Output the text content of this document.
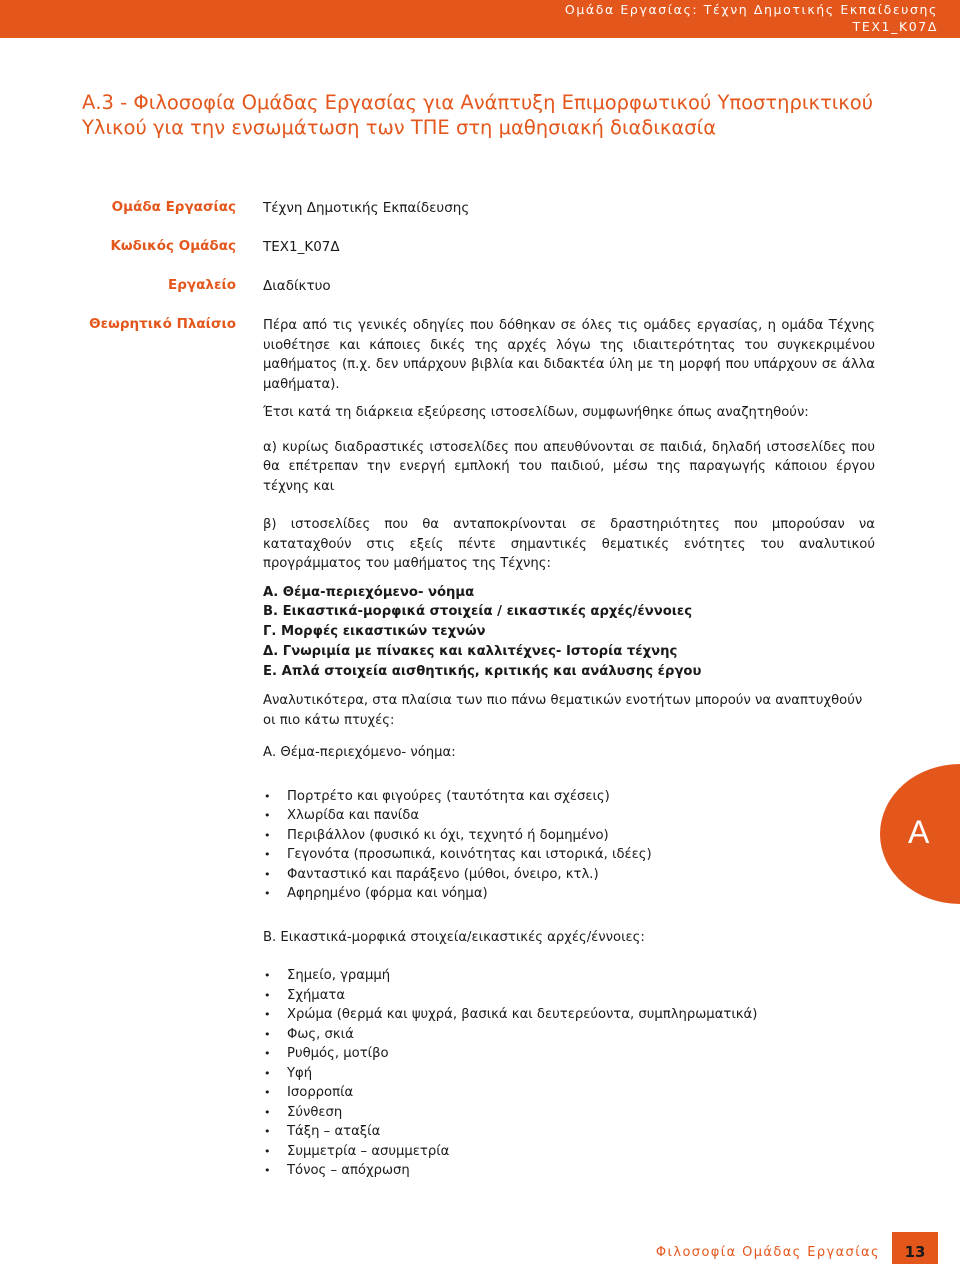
Ομάδα Εργασίας: Τέχνη Δημοτικής Εκπαίδευσης
ΤΕΧ1_Κ07Δ
Α.3 - Φιλοσοφία Ομάδας Εργασίας για Ανάπτυξη Επιμορφωτικού Υποστηρικτικού Υλικού για την ενσωμάτωση των ΤΠΕ στη μαθησιακή διαδικασία
Ομάδα Εργασίας Τέχνη Δημοτικής Εκπαίδευσης
Κωδικός Ομάδας ΤΕΧ1_Κ07Δ
Εργαλείο Διαδίκτυο
Θεωρητικό Πλαίσιο Πέρα από τις γενικές οδηγίες που δόθηκαν σε όλες τις ομάδες εργασίας, η ομάδα Τέχνης υιοθέτησε και κάποιες δικές της αρχές λόγω της ιδιαιτερότητας του συγκεκριμένου μαθήματος (π.χ. δεν υπάρχουν βιβλία και διδακτέα ύλη με τη μορφή που υπάρχουν σε άλλα μαθήματα).

Έτσι κατά τη διάρκεια εξεύρεσης ιστοσελίδων, συμφωνήθηκε όπως αναζητηθούν:

α) κυρίως διαδραστικές ιστοσελίδες που απευθύνονται σε παιδιά, δηλαδή ιστοσελίδες που θα επέτρεπαν την ενεργή εμπλοκή του παιδιού, μέσω της παραγωγής κάποιου έργου τέχνης και

β) ιστοσελίδες που θα ανταποκρίνονται σε δραστηριότητες που μπορούσαν να καταταχθούν στις εξείς πέντε σημαντικές θεματικές ενότητες του αναλυτικού προγράμματος του μαθήματος της Τέχνης:

Α. Θέμα-περιεχόμενο- νόημα

Β. Εικαστικά-μορφικά στοιχεία / εικαστικές αρχές/έννοιες

Γ. Μορφές εικαστικών τεχνών

Δ. Γνωριμία με πίνακες και καλλιτέχνες- Ιστορία τέχνης

Ε. Απλά στοιχεία αισθητικής, κριτικής και ανάλυσης έργου

Αναλυτικότερα, στα πλαίσια των πιο πάνω θεματικών ενοτήτων μπορούν να αναπτυχθούν οι πιο κάτω πτυχές:

Α. Θέμα-περιεχόμενο- νόημα:

• Πορτρέτο και φιγούρες (ταυτότητα και σχέσεις)
• Χλωρίδα και πανίδα
• Περιβάλλον (φυσικό κι όχι, τεχνητό ή δομημένο)
• Γεγονότα (προσωπικά, κοινότητας και ιστορικά, ιδέες)
• Φανταστικό και παράξενο (μύθοι, όνειρο, κτλ.)
• Αφηρημένο (φόρμα και νόημα)

Β. Εικαστικά-μορφικά στοιχεία/εικαστικές αρχές/έννοιες:

• Σημείο, γραμμή
• Σχήματα
• Χρώμα (θερμά και ψυχρά, βασικά και δευτερεύοντα, συμπληρωματικά)
• Φως, σκιά
• Ρυθμός, μοτίβο
• Υφή
• Ισορροπία
• Σύνθεση
• Τάξη – αταξία
• Συμμετρία – ασυμμετρία
• Τόνος – απόχρωση
Α
Φιλοσοφία Ομάδας Εργασίας	13
